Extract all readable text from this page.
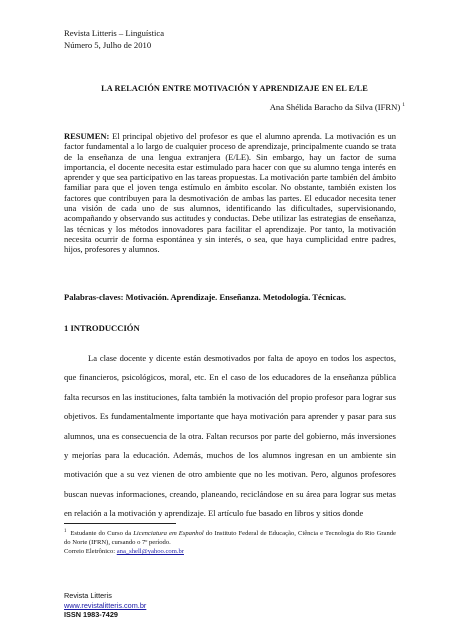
Revista Litteris – Linguística
Número 5, Julho de 2010
LA RELACIÓN ENTRE MOTIVACIÓN Y APRENDIZAJE EN EL E/LE
Ana Shélida Baracho da Silva (IFRN) $^1$
RESUMEN: El principal objetivo del profesor es que el alumno aprenda. La motivación es un factor fundamental a lo largo de cualquier proceso de aprendizaje, principalmente cuando se trata de la enseñanza de una lengua extranjera (E/LE). Sin embargo, hay un factor de suma importancia, el docente necesita estar estimulado para hacer con que su alumno tenga interés en aprender y que sea participativo en las tareas propuestas. La motivación parte también del ámbito familiar para que el joven tenga estímulo en ámbito escolar. No obstante, también existen los factores que contribuyen para la desmotivación de ambas las partes. El educador necesita tener una visión de cada uno de sus alumnos, identificando las dificultades, supervisionando, acompañando y observando sus actitudes y conductas. Debe utilizar las estrategias de enseñanza, las técnicas y los métodos innovadores para facilitar el aprendizaje. Por tanto, la motivación necesita ocurrir de forma espontánea y sin interés, o sea, que haya cumplicidad entre padres, hijos, profesores y alumnos.
Palabras-claves: Motivación. Aprendizaje. Enseñanza. Metodología. Técnicas.
1 INTRODUCCIÓN
La clase docente y dicente están desmotivados por falta de apoyo en todos los aspectos, que financieros, psicológicos, moral, etc. En el caso de los educadores de la enseñanza pública falta recursos en las instituciones, falta también la motivación del propio profesor para lograr sus objetivos. Es fundamentalmente importante que haya motivación para aprender y pasar para sus alumnos, una es consecuencia de la otra. Faltan recursos por parte del gobierno, más inversiones y mejorías para la educación. Además, muchos de los alumnos ingresan en un ambiente sin motivación que a su vez vienen de otro ambiente que no les motivan. Pero, algunos profesores buscan nuevas informaciones, creando, planeando, reciclándose en su área para lograr sus metas en relación a la motivación y aprendizaje. El artículo fue basado en libros y sitios donde
$^1$ Estudante do Curso da Licenciatura em Espanhol do Instituto Federal de Educação, Ciência e Tecnologia do Rio Grande do Norte (IFRN), cursando o 7º período.
Correio Eletrônico: ana_shell@yahoo.com.br
Revista Litteris
www.revistalitteris.com.br
ISSN 1983-7429
